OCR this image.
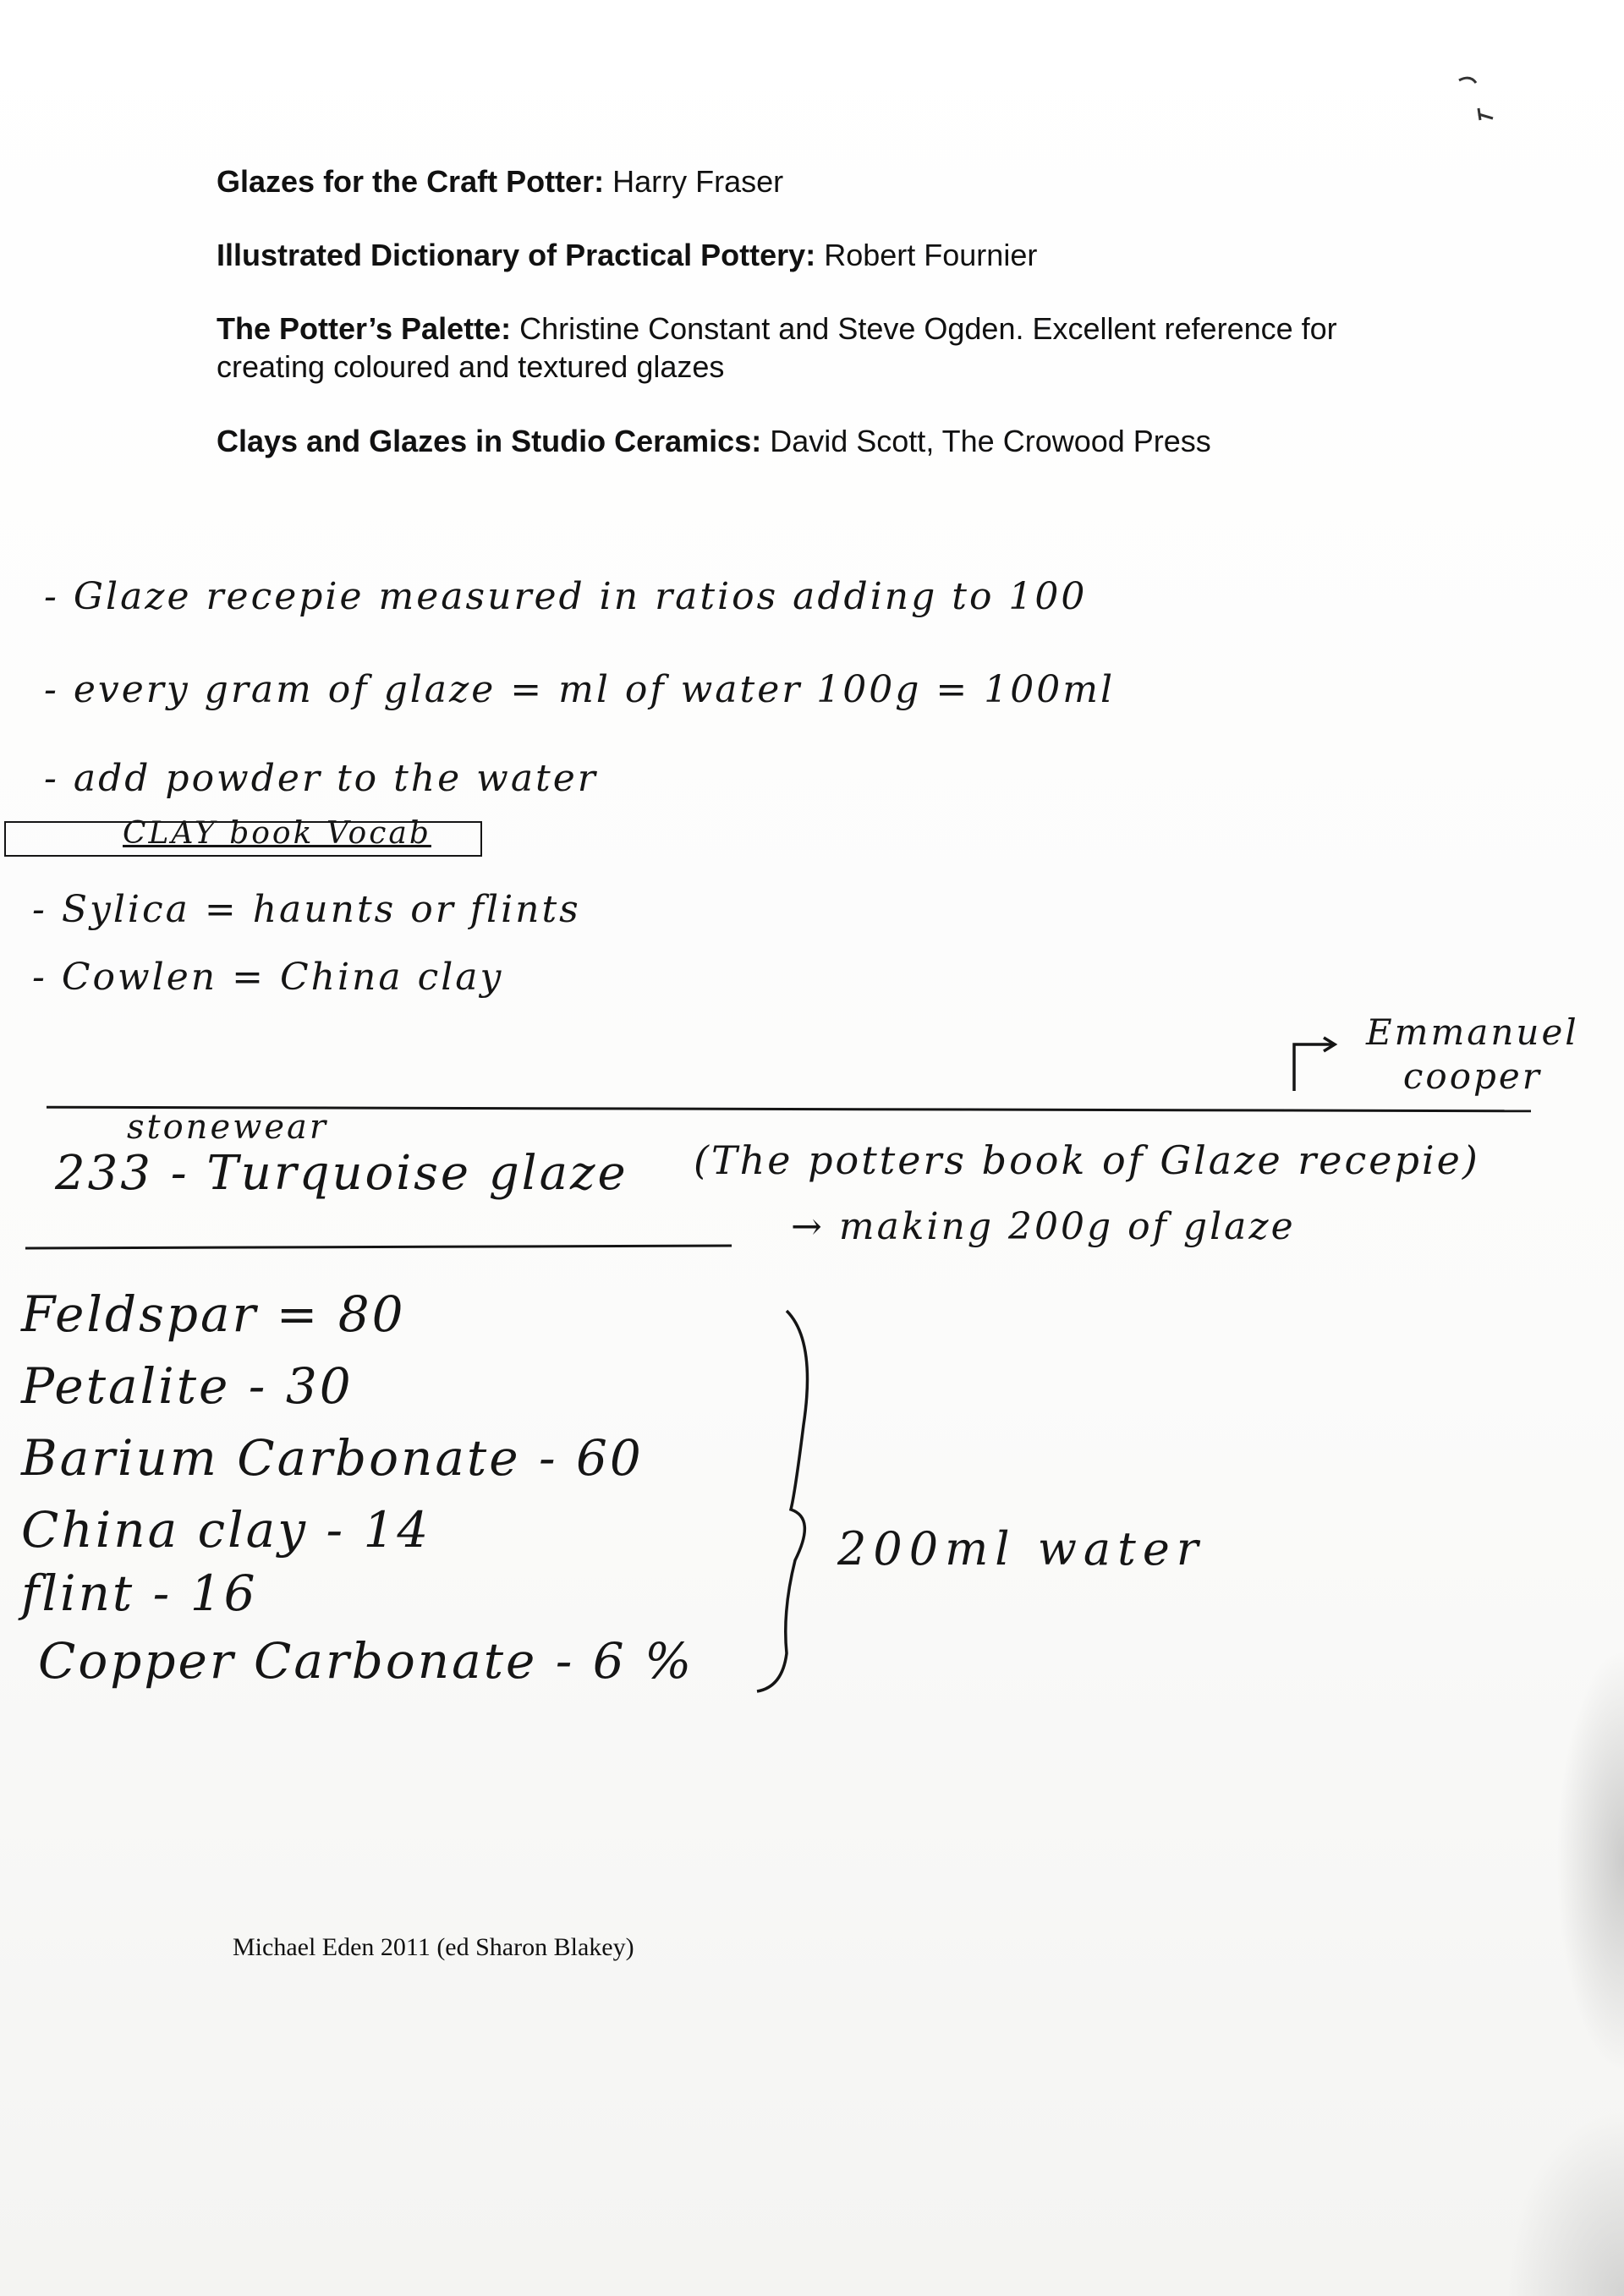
Glazes for the Craft Potter: Harry Fraser
Illustrated Dictionary of Practical Pottery: Robert Fournier
The Potter’s Palette: Christine Constant and Steve Ogden. Excellent reference for creating coloured and textured glazes
Clays and Glazes in Studio Ceramics: David Scott, The Crowood Press
- Glaze recepie measured in ratios adding to 100
- every gram of glaze = ml of water 100g = 100ml
- add powder to the water
CLAY book Vocab
- Sylica = haunts or flints
- Cowlen = China clay
Emmanuel
cooper
stonewear
233 - Turquoise glaze (The potters book of Glaze recepie)
→ making 200g of glaze
Feldspar = 80
Petalite - 30
Barium Carbonate - 60
China clay - 14
flint - 16
Copper Carbonate - 6 %
200ml water
Michael Eden 2011 (ed Sharon Blakey)
